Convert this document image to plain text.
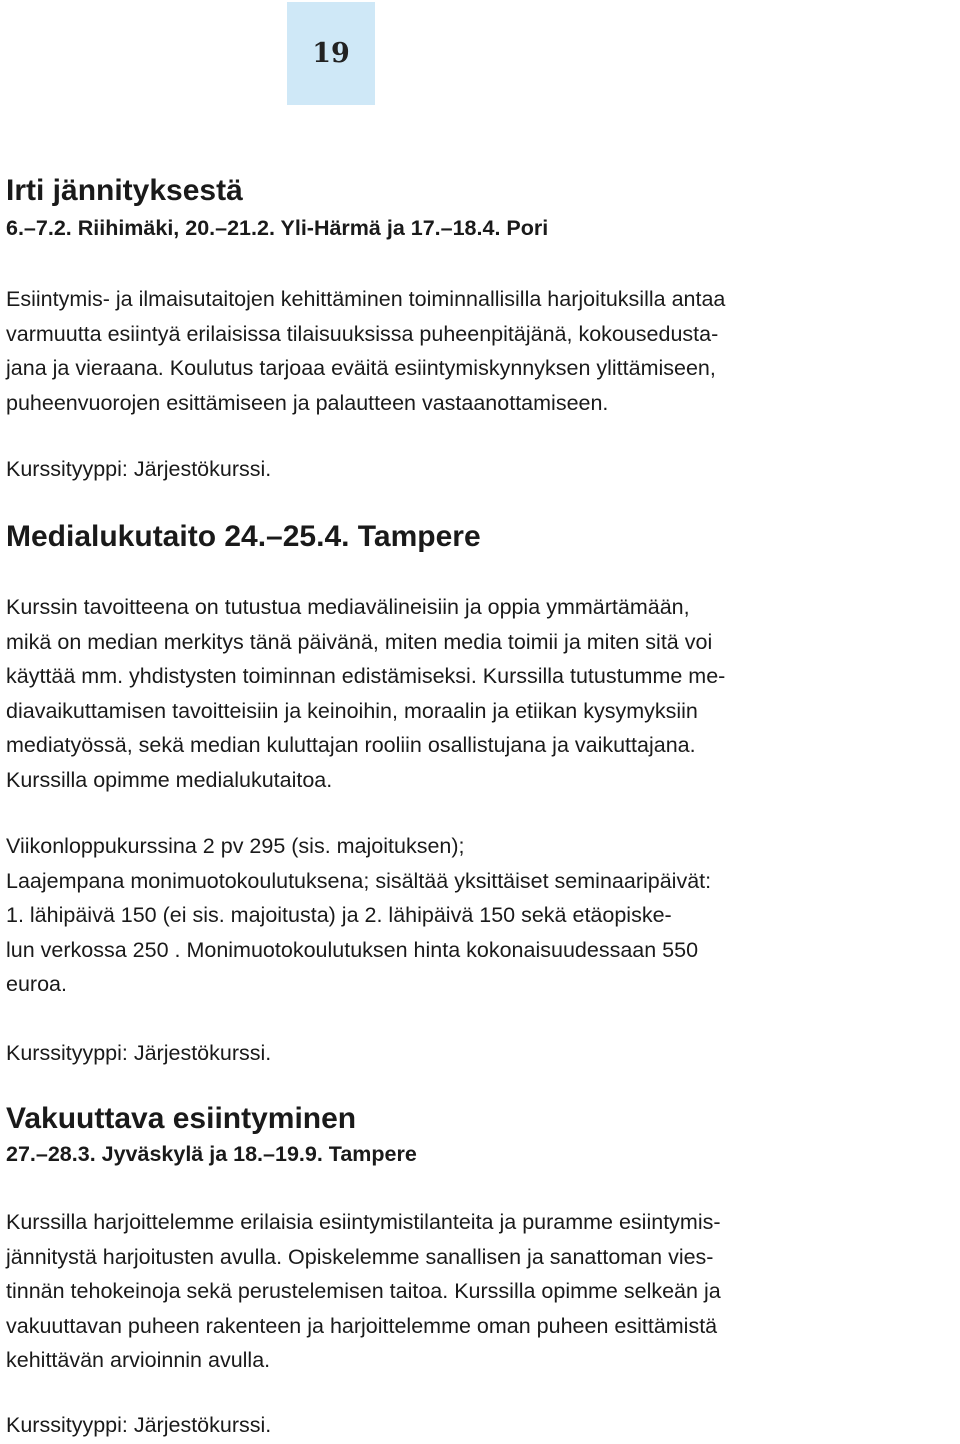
19
Irti jännityksestä
6.–7.2. Riihimäki, 20.–21.2. Yli-Härmä ja 17.–18.4. Pori

Esiintymis- ja ilmaisutaitojen kehittäminen toiminnallisilla harjoituksilla antaa

varmuutta esiintyä erilaisissa tilaisuuksissa puheenpitäjänä, kokousedusta-

jana ja vieraana. Koulutus tarjoaa eväitä esiintymiskynnyksen ylittämiseen,

puheenvuorojen esittämiseen ja palautteen vastaanottamiseen.

Kurssityyppi: Järjestökurssi.
Medialukutaito 24.–25.4. Tampere

Kurssin tavoitteena on tutustua mediavälineisiin ja oppia ymmärtämään,

mikä on median merkitys tänä päivänä, miten media toimii ja miten sitä voi

käyttää mm. yhdistysten toiminnan edistämiseksi. Kurssilla tutustumme me-

diavaikuttamisen tavoitteisiin ja keinoihin, moraalin ja etiikan kysymyksiin

mediatyössä, sekä median kuluttajan rooliin osallistujana ja vaikuttajana.

Kurssilla opimme medialukutaitoa.

Viikonloppukurssina 2 pv 295 (sis. majoituksen);

Laajempana monimuotokoulutuksena; sisältää yksittäiset seminaaripäivät:

1. lähipäivä 150 (ei sis. majoitusta) ja 2. lähipäivä 150 sekä etäopiske-

lun verkossa 250 . Monimuotokoulutuksen hinta kokonaisuudessaan 550

euroa.

Kurssityyppi: Järjestökurssi.
Vakuuttava esiintyminen
27.–28.3. Jyväskylä ja 18.–19.9. Tampere

Kurssilla harjoittelemme erilaisia esiintymistilanteita ja puramme esiintymis-

jännitystä harjoitusten avulla. Opiskelemme sanallisen ja sanattoman vies-

tinnän tehokeinoja sekä perustelemisen taitoa. Kurssilla opimme selkeän ja

vakuuttavan puheen rakenteen ja harjoittelemme oman puheen esittämistä

kehittävän arvioinnin avulla.

Kurssityyppi: Järjestökurssi.
